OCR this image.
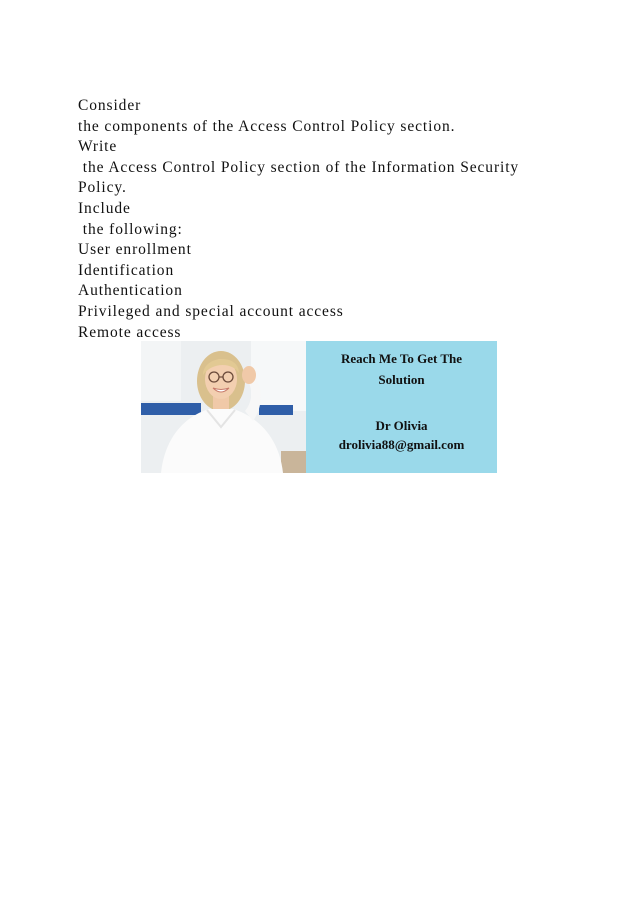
Consider
the components of the Access Control Policy section.
Write
the Access Control Policy section of the Information Security
Policy.
Include
the following:
User enrollment
Identification
Authentication
Privileged and special account access
Remote access
Reach Me To Get The
Solution
Dr Olivia
drolivia88@gmail.com
